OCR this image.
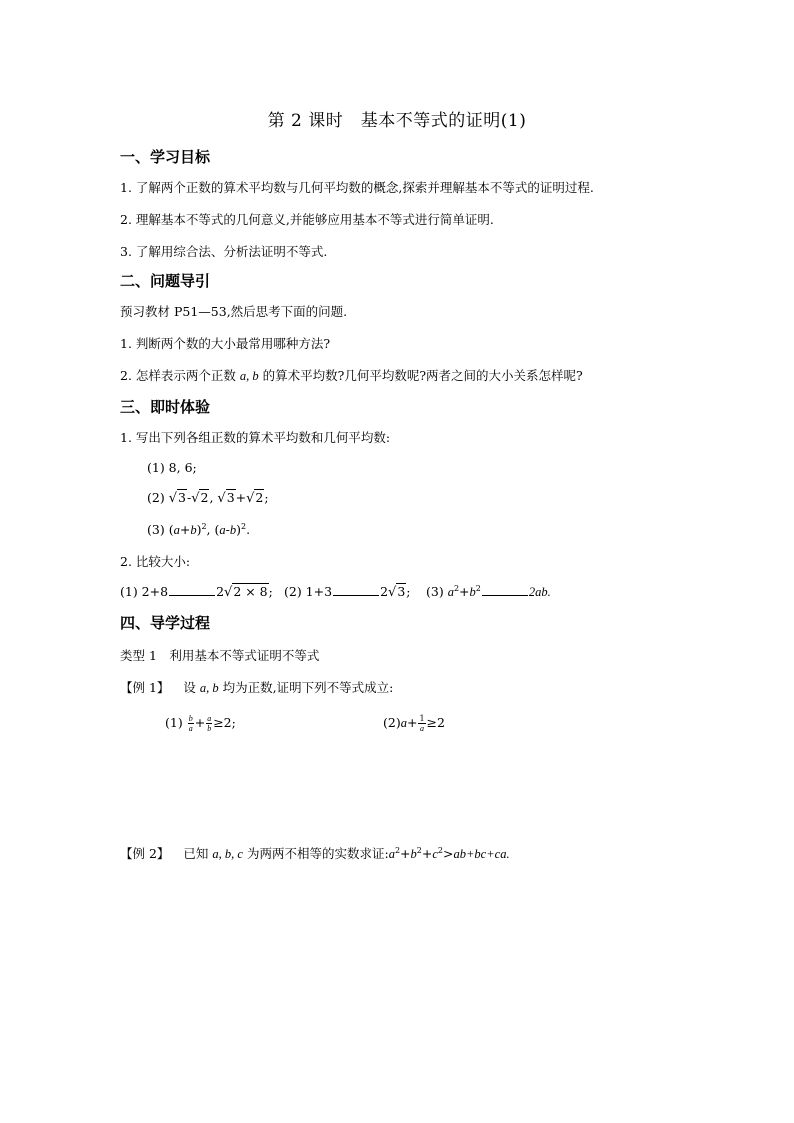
第 2 课时　基本不等式的证明(1)
一、学习目标
1. 了解两个正数的算术平均数与几何平均数的概念,探索并理解基本不等式的证明过程.
2. 理解基本不等式的几何意义,并能够应用基本不等式进行简单证明.
3. 了解用综合法、分析法证明不等式.
二、问题导引
预习教材 P51—53,然后思考下面的问题.
1. 判断两个数的大小最常用哪种方法?
2. 怎样表示两个正数 a, b 的算术平均数?几何平均数呢?两者之间的大小关系怎样呢?
三、即时体验
1. 写出下列各组正数的算术平均数和几何平均数:
(1) 8, 6;
(2) √3-√2, √3+√2;
(3) $(a+b)^2$, $(a-b)^2$.
2. 比较大小:
(1) 2+8	2√2 × 8; (2) 1+3	2√3; (3) $a^2+b^2$	2ab.
四、导学过程
类型 1　利用基本不等式证明不等式
【例 1】 设 a, b 均为正数,证明下列不等式成立:
$(1) \frac{b}{a} + \frac{a}{b} \ge 2$;	$(2)a+ \frac{1}{a} \ge 2$
【例 2】 已知 a, b, c 为两两不相等的实数求证$:a^2+b^2+c^2>ab+bc+ca$.
